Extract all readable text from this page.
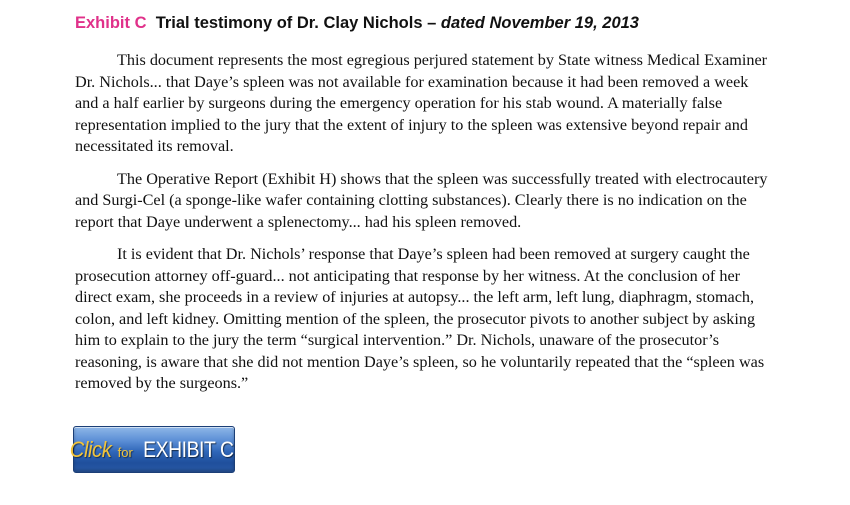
Exhibit C Trial testimony of Dr. Clay Nichols – dated November 19, 2013

This document represents the most egregious perjured statement by State witness Medical Examiner Dr. Nichols... that Daye’s spleen was not available for examination because it had been removed a week and a half earlier by surgeons during the emergency operation for his stab wound. A materially false representation implied to the jury that the extent of injury to the spleen was extensive beyond repair and necessitated its removal.

The Operative Report (Exhibit H) shows that the spleen was successfully treated with electrocautery and Surgi-Cel (a sponge-like wafer containing clotting substances). Clearly there is no indication on the report that Daye underwent a splenectomy... had his spleen removed.

It is evident that Dr. Nichols’ response that Daye’s spleen had been removed at surgery caught the prosecution attorney off-guard... not anticipating that response by her witness. At the conclusion of her direct exam, she proceeds in a review of injuries at autopsy... the left arm, left lung, diaphragm, stomach, colon, and left kidney. Omitting mention of the spleen, the prosecutor pivots to another subject by asking him to explain to the jury the term “surgical intervention.” Dr. Nichols, unaware of the prosecutor’s reasoning, is aware that she did not mention Daye’s spleen, so he voluntarily repeated that the “spleen was removed by the surgeons.”

Click for EXHIBIT C
